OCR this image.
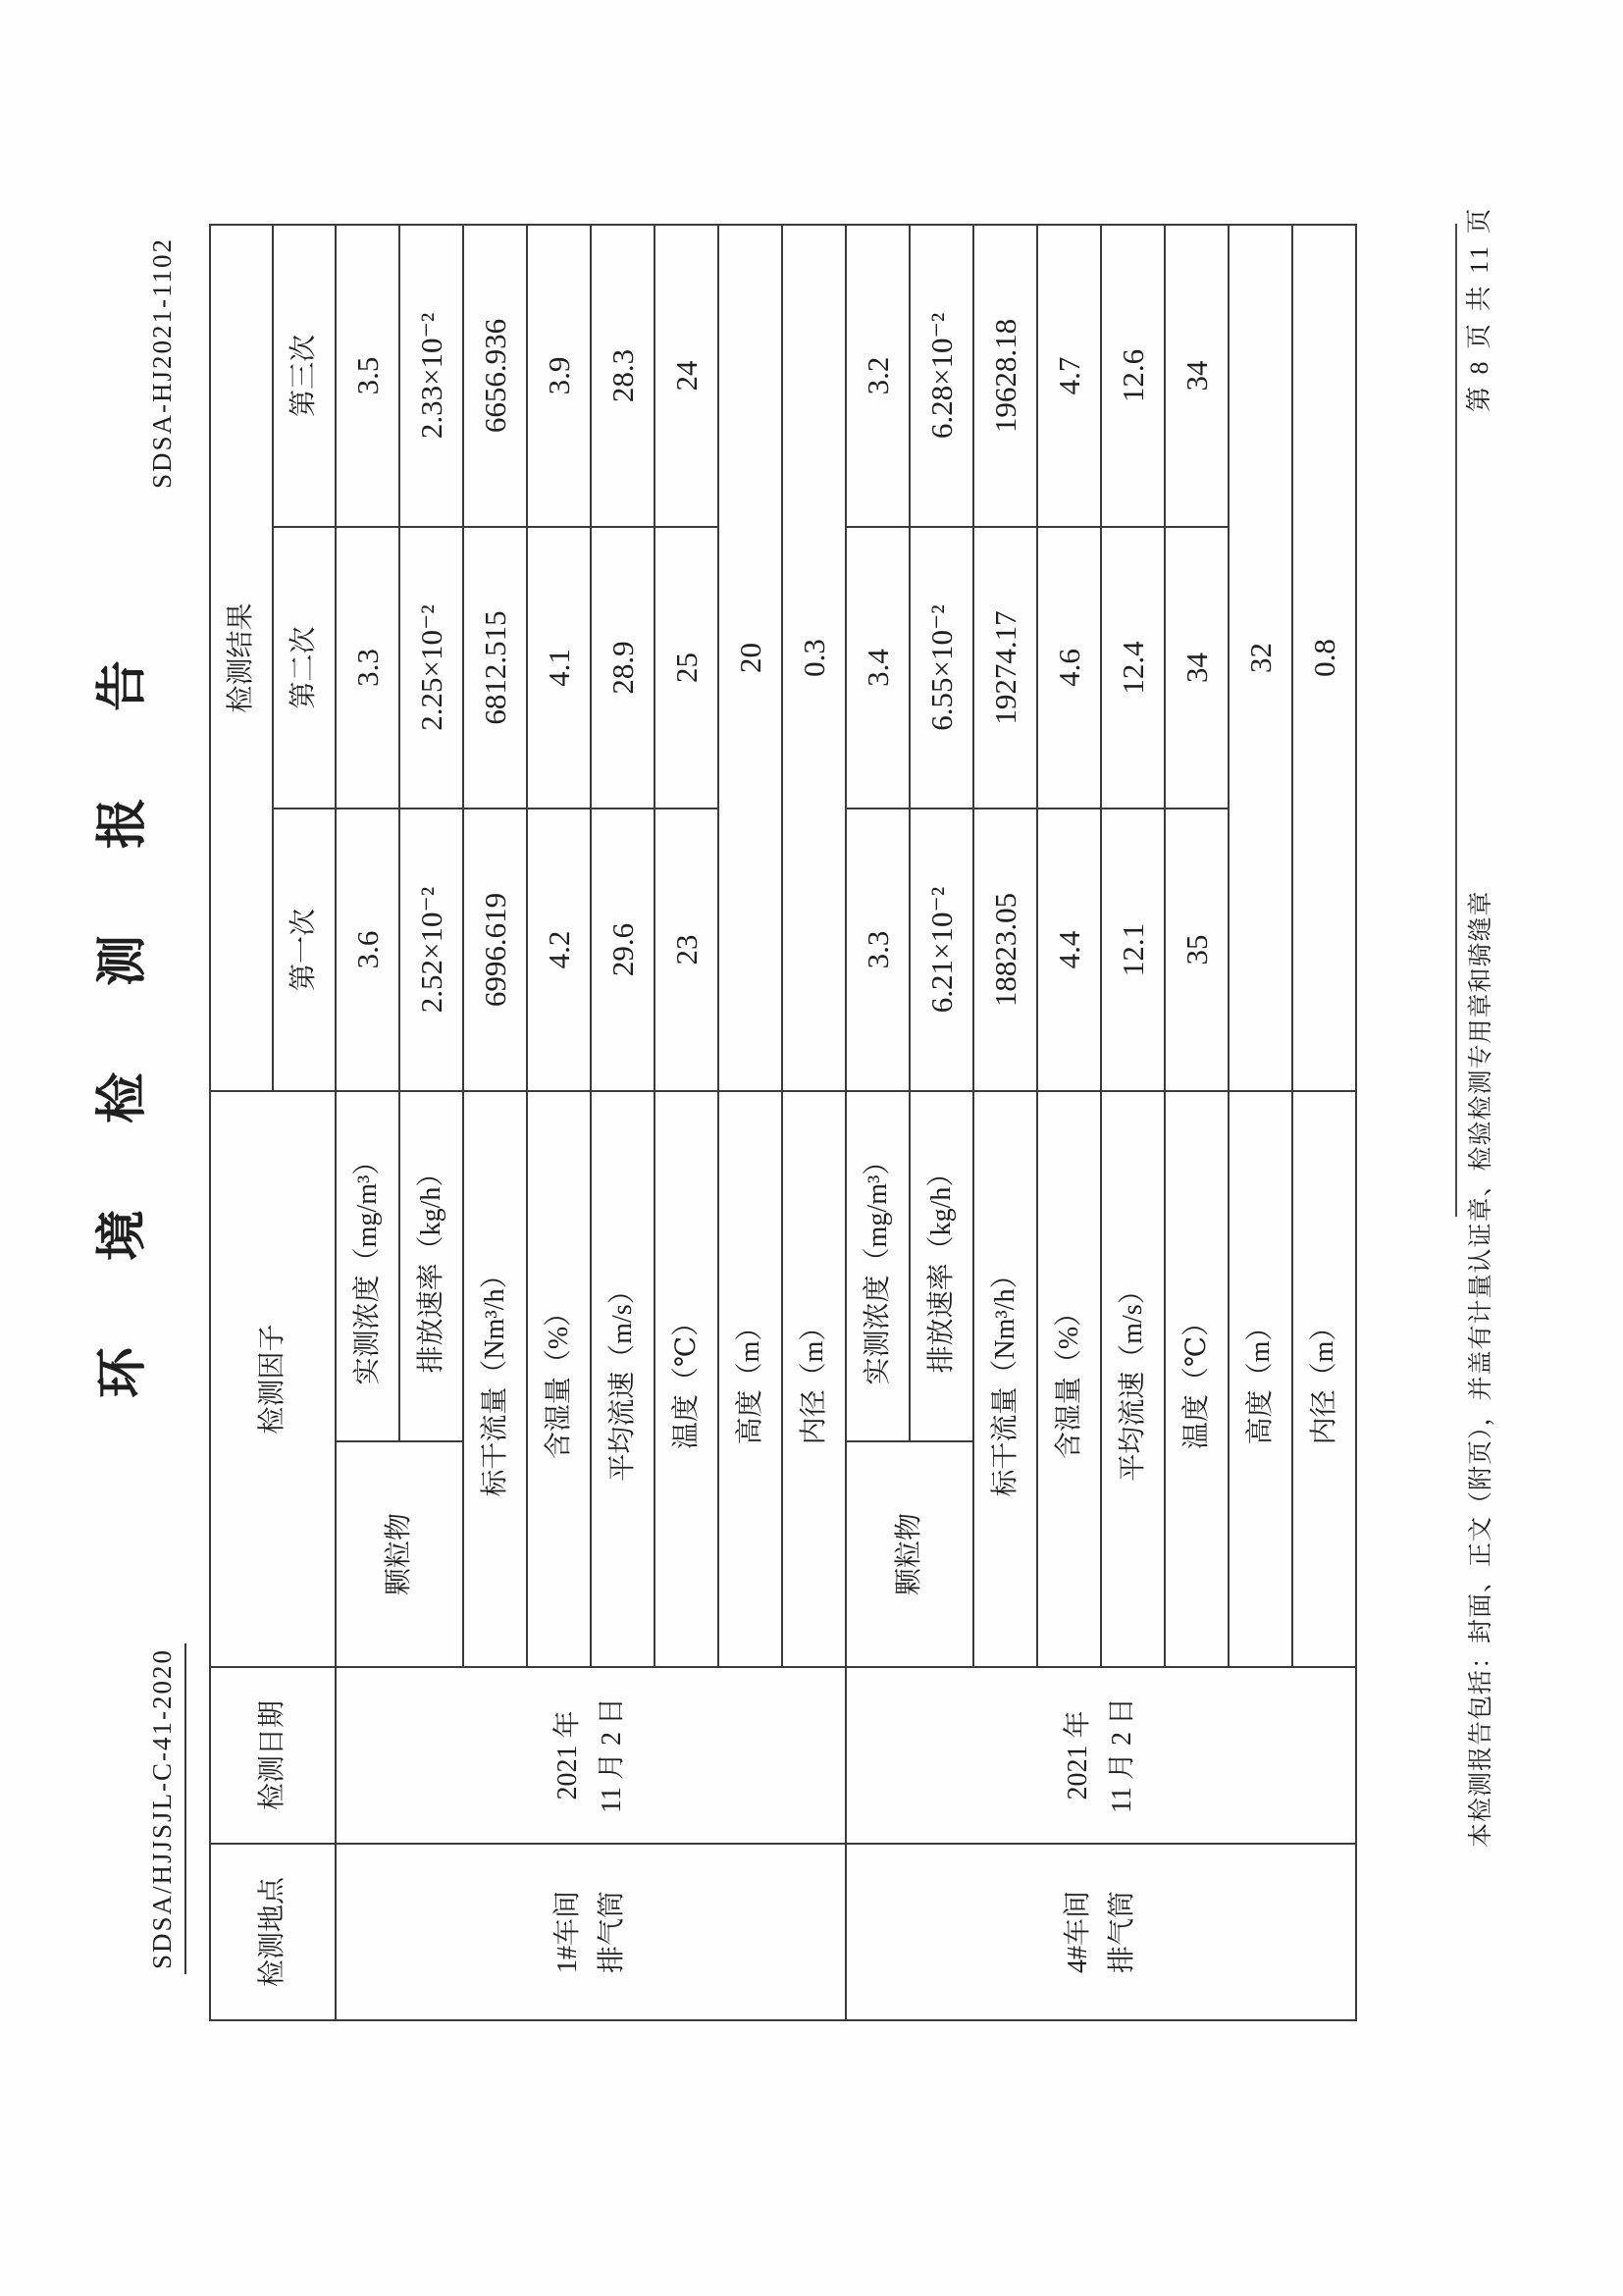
SDSA/HJJSJL-C-41-2020
SDSA-HJ2021-1102
环境检测报告
检测地点	检测日期	检测因子		检测结果		
				第一次	第二次	第三次

1#车间 排气筒

2021 年 11 月 2 日
	颗粒物	实测浓度（mg/m³）	3.6	3.3	3.5
			排放速率（kg/h）	2.52×10⁻²	2.25×10⁻²	2.33×10⁻²
		标干流量（Nm³/h）		6996.619	6812.515	6656.936
		含湿量（%）		4.2	4.1	3.9
		平均流速（m/s）		29.6	28.9	28.3
		温度（℃）		23	25	24
		高度（m）		20		
		内径（m）		0.3		

4#车间 排气筒

2021 年 11 月 2 日
	颗粒物	实测浓度（mg/m³）	3.3	3.4	3.2
			排放速率（kg/h）	6.21×10⁻²	6.55×10⁻²	6.28×10⁻²
		标干流量（Nm³/h）		18823.05	19274.17	19628.18
		含湿量（%）		4.4	4.6	4.7
		平均流速（m/s）		12.1	12.4	12.6
		温度（℃）		35	34	34
		高度（m）		32		
		内径（m）		0.8		
本检测报告包括：封面、正文（附页），并盖有计量认证章、检验检测专用章和骑缝章
第 8 页 共 11 页
